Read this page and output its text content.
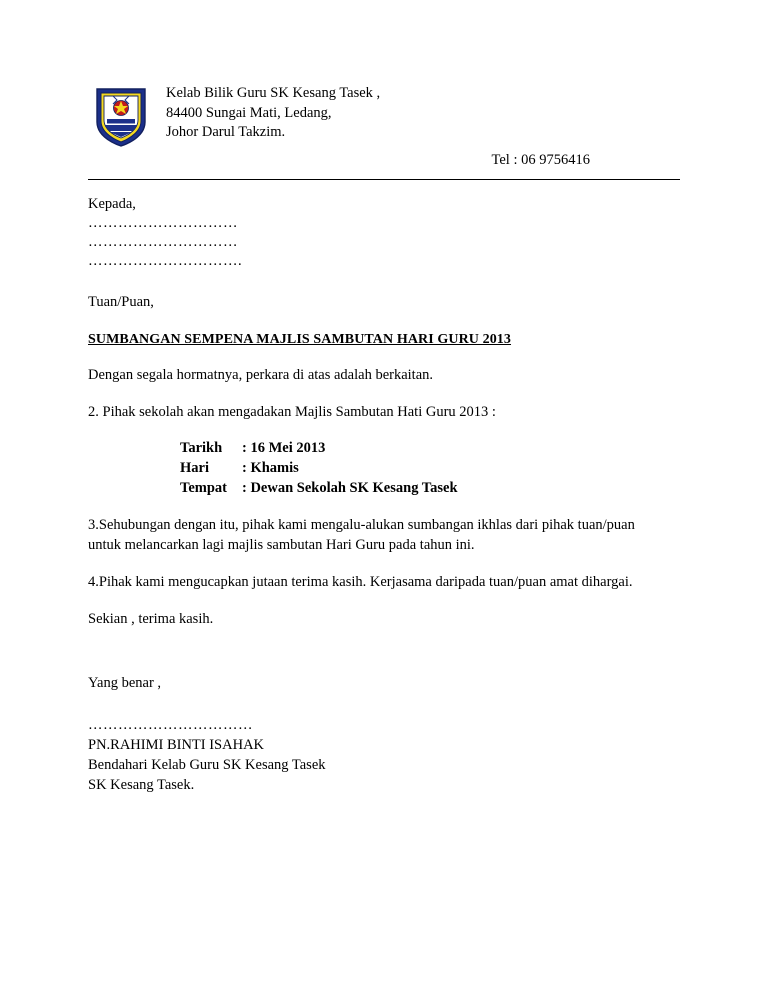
Kelab Bilik Guru SK Kesang Tasek ,
84400 Sungai Mati, Ledang,
Johor Darul Takzim.
Tel : 06 9756416
Kepada,
…………………………
…………………………
………………………….
Tuan/Puan,
SUMBANGAN SEMPENA MAJLIS SAMBUTAN HARI GURU 2013
Dengan segala hormatnya, perkara di atas adalah berkaitan.
2. Pihak sekolah akan mengadakan Majlis Sambutan Hati Guru 2013 :
Tarikh	: 16 Mei 2013
Hari	: Khamis
Tempat	: Dewan Sekolah SK Kesang Tasek
3.Sehubungan dengan itu, pihak kami mengalu-alukan sumbangan ikhlas dari pihak tuan/puan
untuk melancarkan lagi majlis sambutan Hari Guru pada tahun ini.
4.Pihak kami mengucapkan jutaan terima kasih. Kerjasama daripada tuan/puan amat dihargai.
Sekian , terima kasih.
Yang benar ,
……………………………
PN.RAHIMI BINTI ISAHAK
Bendahari Kelab Guru SK Kesang Tasek
SK Kesang Tasek.
